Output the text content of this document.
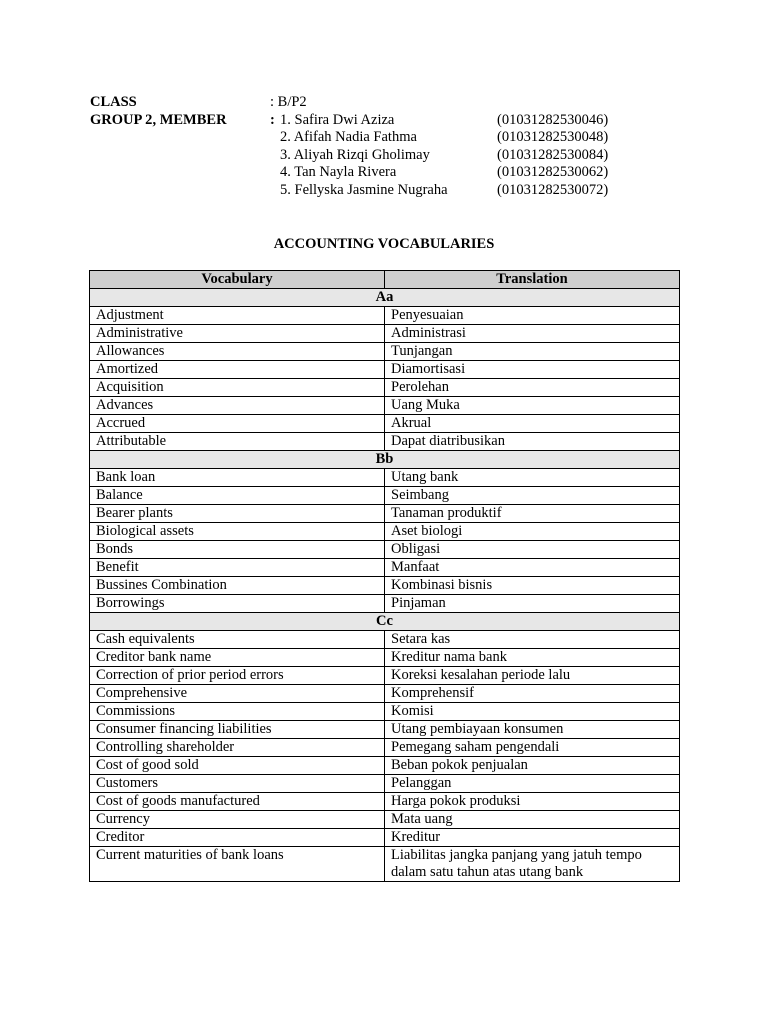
CLASS	: B/P2
GROUP 2, MEMBER	: 1. Safira Dwi Aziza	(01031282530046)
2. Afifah Nadia Fathma	(01031282530048)
3. Aliyah Rizqi Gholimay	(01031282530084)
4. Tan Nayla Rivera	(01031282530062)
5. Fellyska Jasmine Nugraha	(01031282530072)
ACCOUNTING VOCABULARIES
Vocabulary	Translation
Aa	
Adjustment	Penyesuaian
Administrative	Administrasi
Allowances	Tunjangan
Amortized	Diamortisasi
Acquisition	Perolehan
Advances	Uang Muka
Accrued	Akrual
Attributable	Dapat diatribusikan
Bb	
Bank loan	Utang bank
Balance	Seimbang
Bearer plants	Tanaman produktif
Biological assets	Aset biologi
Bonds	Obligasi
Benefit	Manfaat
Bussines Combination	Kombinasi bisnis
Borrowings	Pinjaman
Cc	
Cash equivalents	Setara kas
Creditor bank name	Kreditur nama bank
Correction of prior period errors	Koreksi kesalahan periode lalu
Comprehensive	Komprehensif
Commissions	Komisi
Consumer financing liabilities	Utang pembiayaan konsumen
Controlling shareholder	Pemegang saham pengendali
Cost of good sold	Beban pokok penjualan
Customers	Pelanggan
Cost of goods manufactured	Harga pokok produksi
Currency	Mata uang
Creditor	Kreditur
Current maturities of bank loans	Liabilitas jangka panjang yang jatuh tempo dalam satu tahun atas utang bank
